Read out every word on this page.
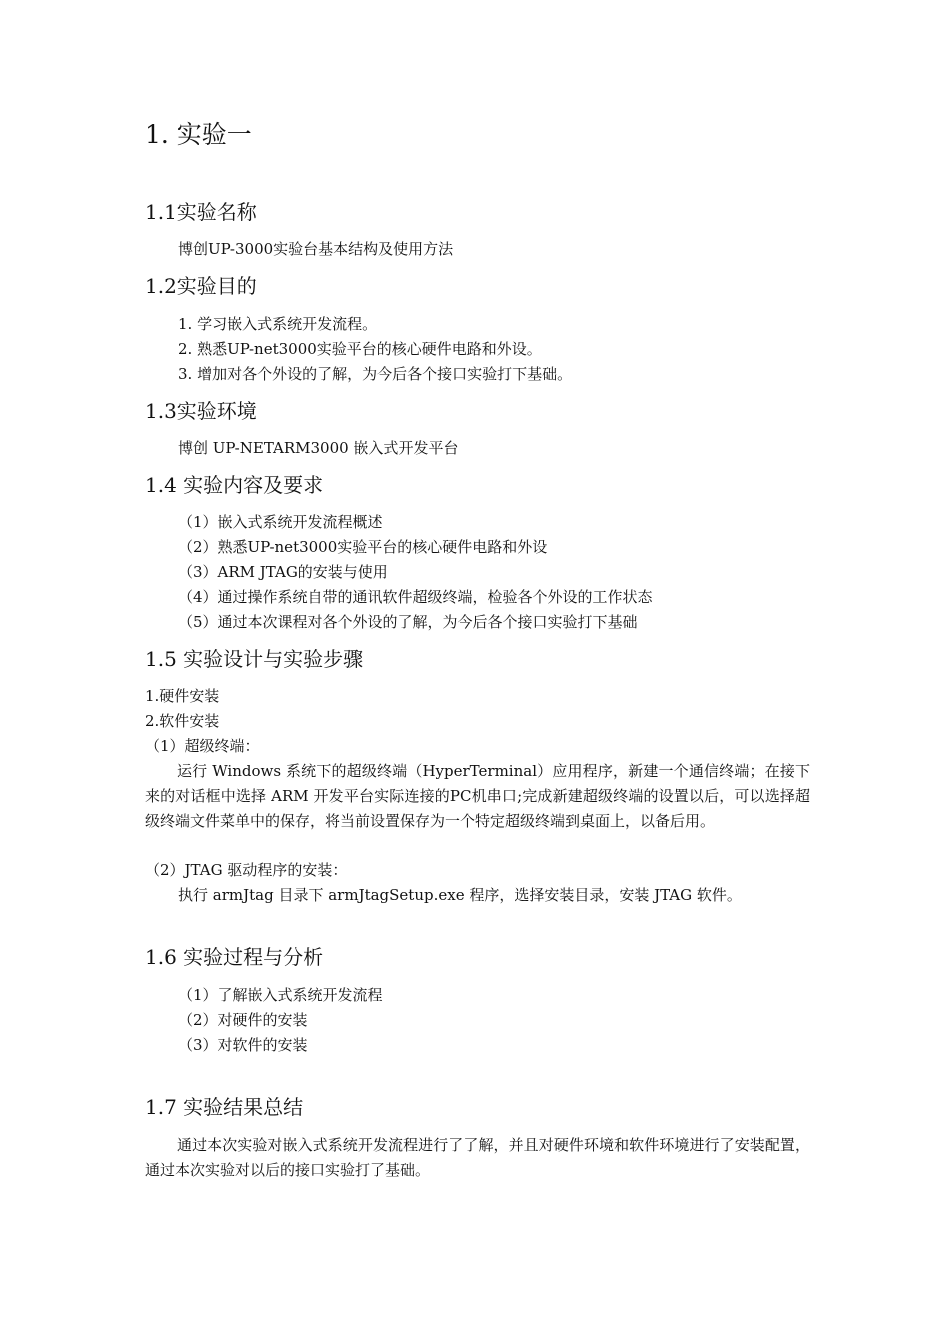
1. 实验一
1.1实验名称
博创UP-3000实验台基本结构及使用方法
1.2实验目的
1. 学习嵌入式系统开发流程。
2. 熟悉UP-net3000实验平台的核心硬件电路和外设。
3. 增加对各个外设的了解，为今后各个接口实验打下基础。
1.3实验环境
博创 UP-NETARM3000 嵌入式开发平台
1.4 实验内容及要求
（1）嵌入式系统开发流程概述
（2）熟悉UP-net3000实验平台的核心硬件电路和外设
（3）ARM JTAG的安装与使用
（4）通过操作系统自带的通讯软件超级终端，检验各个外设的工作状态
（5）通过本次课程对各个外设的了解，为今后各个接口实验打下基础
1.5 实验设计与实验步骤
1.硬件安装
2.软件安装
（1）超级终端：
运行 Windows 系统下的超级终端（HyperTerminal）应用程序，新建一个通信终端；在接下来的对话框中选择 ARM 开发平台实际连接的PC机串口;完成新建超级终端的设置以后，可以选择超级终端文件菜单中的保存，将当前设置保存为一个特定超级终端到桌面上，以备后用。
（2）JTAG 驱动程序的安装：
执行 armJtag 目录下 armJtagSetup.exe 程序，选择安装目录，安装 JTAG 软件。
1.6 实验过程与分析
（1）了解嵌入式系统开发流程
（2）对硬件的安装
（3）对软件的安装
1.7 实验结果总结
通过本次实验对嵌入式系统开发流程进行了了解，并且对硬件环境和软件环境进行了安装配置，通过本次实验对以后的接口实验打了基础。
